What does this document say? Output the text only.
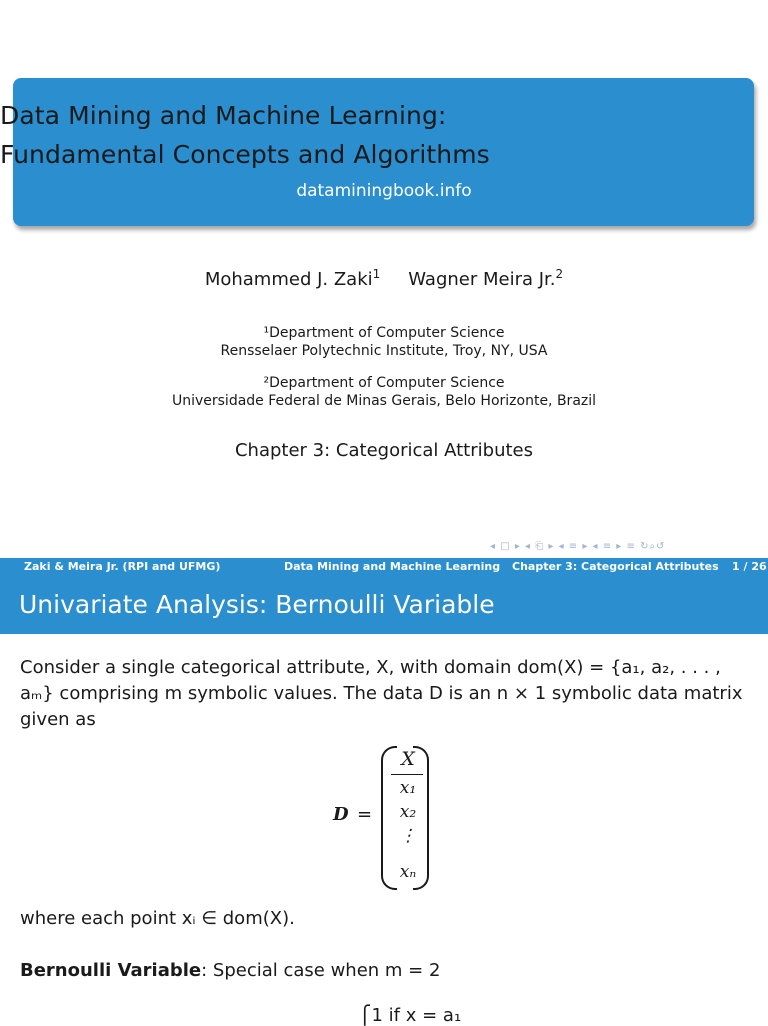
Data Mining and Machine Learning:
Fundamental Concepts and Algorithms
dataminingbook.info
Mohammed J. Zaki$^1$ Wagner Meira Jr.$^2$
¹Department of Computer Science
Rensselaer Polytechnic Institute, Troy, NY, USA
²Department of Computer Science
Universidade Federal de Minas Gerais, Belo Horizonte, Brazil
Chapter 3: Categorical Attributes
◂ □ ▸ ◂ ⎗ ▸ ◂ ≡ ▸ ◂ ≡ ▸ ≡ ↻⌕↺
Zaki & Meira Jr. (RPI and UFMG)	Data Mining and Machine Learning Chapter 3: Categorical Attributes 1 / 26
Univariate Analysis: Bernoulli Variable
Consider a single categorical attribute, X, with domain dom(X) = {a₁, a₂, . . . , aₘ} comprising m symbolic values. The data D is an n × 1 symbolic data matrix given as
D =
X
x₁
x₂
⋮
xₙ
where each point xᵢ ∈ dom(X).
Bernoulli Variable: Special case when m = 2
⎧1 if x = a₁
